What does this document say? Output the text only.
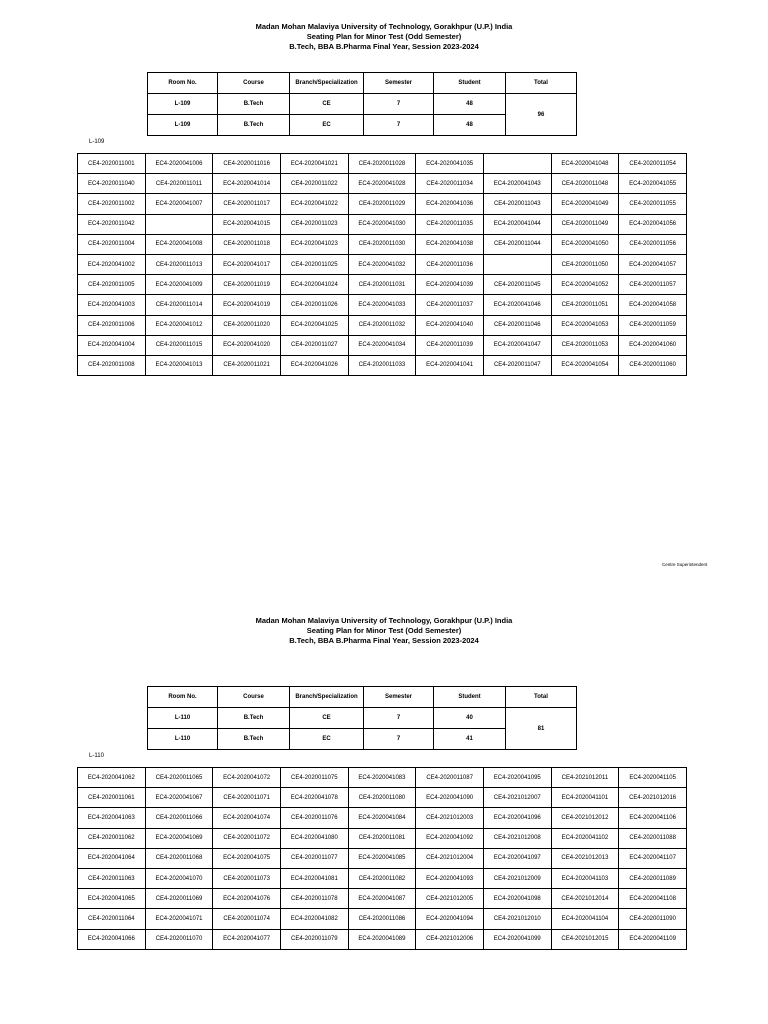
Madan Mohan Malaviya University of Technology, Gorakhpur (U.P.) India
Seating Plan for Minor Test (Odd Semester)
B.Tech, BBA B.Pharma Final Year, Session 2023-2024
Room No.	Course	Branch/Specialization	Semester	Student	Total
L-109	B.Tech	CE	7	48	96
L-109	B.Tech	EC	7	48	
L-109
CE4-2020011001	EC4-2020041006	CE4-2020011016	EC4-2020041021	CE4-2020011028	EC4-2020041035		EC4-2020041048	CE4-2020011054
EC4-2020011040	CE4-2020011011	EC4-2020041014	CE4-2020011022	EC4-2020041028	CE4-2020011034	EC4-2020041043	CE4-2020011048	EC4-2020041055
CE4-2020011002	EC4-2020041007	CE4-2020011017	EC4-2020041022	CE4-2020011029	EC4-2020041036	CE4-2020011043	EC4-2020041049	CE4-2020011055
EC4-2020011042		EC4-2020041015	CE4-2020011023	EC4-2020041030	CE4-2020011035	EC4-2020041044	CE4-2020011049	EC4-2020041056
CE4-2020011004	EC4-2020041008	CE4-2020011018	EC4-2020041023	CE4-2020011030	EC4-2020041038	CE4-2020011044	EC4-2020041050	CE4-2020011056
EC4-2020041002	CE4-2020011013	EC4-2020041017	CE4-2020011025	EC4-2020041032	CE4-2020011036		CE4-2020011050	EC4-2020041057
CE4-2020011005	EC4-2020041009	CE4-2020011019	EC4-2020041024	CE4-2020011031	EC4-2020041039	CE4-2020011045	EC4-2020041052	CE4-2020011057
EC4-2020041003	CE4-2020011014	EC4-2020041019	CE4-2020011026	EC4-2020041033	CE4-2020011037	EC4-2020041046	CE4-2020011051	EC4-2020041058
CE4-2020011006	EC4-2020041012	CE4-2020011020	EC4-2020041025	CE4-2020011032	EC4-2020041040	CE4-2020011046	EC4-2020041053	CE4-2020011059
EC4-2020041004	CE4-2020011015	EC4-2020041020	CE4-2020011027	EC4-2020041034	CE4-2020011039	EC4-2020041047	CE4-2020011053	EC4-2020041060
CE4-2020011008	EC4-2020041013	CE4-2020011021	EC4-2020041026	CE4-2020011033	EC4-2020041041	CE4-2020011047	EC4-2020041054	CE4-2020011060
Centre Superintendent
Madan Mohan Malaviya University of Technology, Gorakhpur (U.P.) India
Seating Plan for Minor Test (Odd Semester)
B.Tech, BBA B.Pharma Final Year, Session 2023-2024
Room No.	Course	Branch/Specialization	Semester	Student	Total
L-110	B.Tech	CE	7	40	81
L-110	B.Tech	EC	7	41	
L-110
EC4-2020041062	CE4-2020011065	EC4-2020041072	CE4-2020011075	EC4-2020041083	CE4-2020011087	EC4-2020041095	CE4-2021012011	EC4-2020041105
CE4-2020011061	EC4-2020041067	CE4-2020011071	EC4-2020041078	CE4-2020011080	EC4-2020041090	CE4-2021012007	EC4-2020041101	CE4-2021012016
EC4-2020041063	CE4-2020011066	EC4-2020041074	CE4-2020011076	EC4-2020041084	CE4-2021012003	EC4-2020041096	CE4-2021012012	EC4-2020041106
CE4-2020011062	EC4-2020041069	CE4-2020011072	EC4-2020041080	CE4-2020011081	EC4-2020041092	CE4-2021012008	EC4-2020041102	CE4-2020011088
EC4-2020041064	CE4-2020011068	EC4-2020041075	CE4-2020011077	EC4-2020041085	CE4-2021012004	EC4-2020041097	CE4-2021012013	EC4-2020041107
CE4-2020011063	EC4-2020041070	CE4-2020011073	EC4-2020041081	CE4-2020011082	EC4-2020041093	CE4-2021012009	EC4-2020041103	CE4-2020011089
EC4-2020041065	CE4-2020011069	EC4-2020041076	CE4-2020011078	EC4-2020041087	CE4-2021012005	EC4-2020041098	CE4-2021012014	EC4-2020041108
CE4-2020011064	EC4-2020041071	CE4-2020011074	EC4-2020041082	CE4-2020011086	EC4-2020041094	CE4-2021012010	EC4-2020041104	CE4-2020011090
EC4-2020041066	CE4-2020011070	EC4-2020041077	CE4-2020011079	EC4-2020041089	CE4-2021012006	EC4-2020041099	CE4-2021012015	EC4-2020041109
